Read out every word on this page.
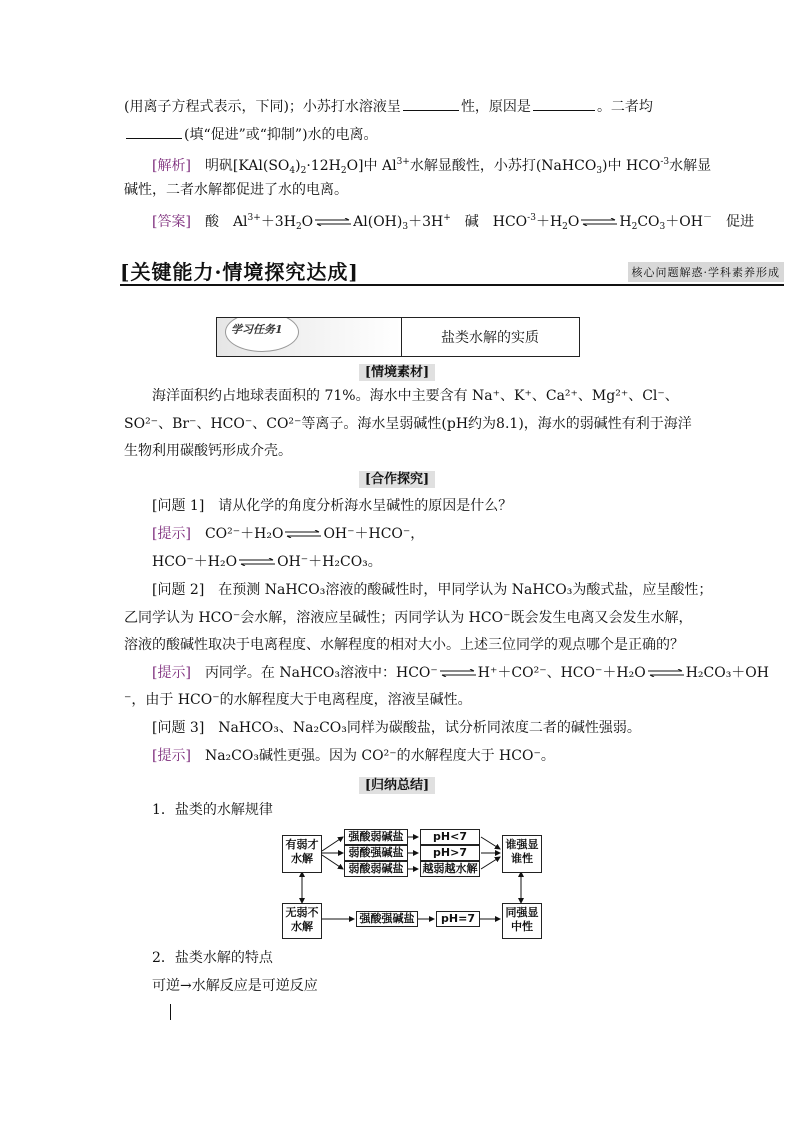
(用离子方程式表示，下同)；小苏打水溶液呈	性，原因是	。二者均
(填“促进”或“抑制”)水的电离。
[解析]　 明矾$[KAl(SO_4)_2\cdot 12H_2O]$中 $Al^{3+}$水解显酸性，小苏打(NaHCO$_3$)中 $HCO^{-3}$水解显
碱性，二者水解都促进了水的电离。
[答案]　 酸　 $Al^{3+}+3H_2O$ ⇌ $Al(OH)_3+3H^+$　 碱　 $HCO^{-3}+H_2O$ ⇌ $H_2CO_3+OH^-$　 促进
[关键能力·情境探究达成]	核心问题解惑·学科素养形成
学习任务1
盐类水解的实质
[情境素材]
海洋面积约占地球表面积的 71%。海水中主要含有 Na⁺、K⁺、Ca²⁺、Mg²⁺、Cl⁻、
SO²⁻、Br⁻、HCO⁻、CO²⁻等离子。海水呈弱碱性(pH约为8.1)，海水的弱碱性有利于海洋
生物利用碳酸钙形成介壳。
[合作探究]
[问题 1]　请从化学的角度分析海水呈碱性的原因是什么？
[提示]　 CO²⁻＋H₂O ⇌ OH⁻＋HCO⁻，
HCO⁻＋H₂O ⇌ OH⁻＋H₂CO₃。
[问题 2]　在预测 NaHCO₃溶液的酸碱性时，甲同学认为 NaHCO₃为酸式盐，应呈酸性；
乙同学认为 HCO⁻会水解，溶液应呈碱性；丙同学认为 HCO⁻既会发生电离又会发生水解，
溶液的酸碱性取决于电离程度、水解程度的相对大小。上述三位同学的观点哪个是正确的？
[提示]　 丙同学。在 NaHCO₃溶液中：HCO⁻ ⇌ H⁺＋CO²⁻、HCO⁻＋H₂O ⇌ H₂CO₃＋OH
⁻，由于 HCO⁻的水解程度大于电离程度，溶液呈碱性。
[问题 3]　NaHCO₃、Na₂CO₃同样为碳酸盐，试分析同浓度二者的碱性强弱。
[提示]　 Na₂CO₃碱性更强。因为 CO²⁻的水解程度大于 HCO⁻。
[归纳总结]
1．盐类的水解规律
有弱才
水解
强酸弱碱盐
弱酸强碱盐
弱酸弱碱盐
pH<7
pH>7
越弱越水解
谁强显
谁性
无弱不
水解
强酸强碱盐	pH=7	同强显
中性
2．盐类水解的特点
可逆→水解反应是可逆反应
